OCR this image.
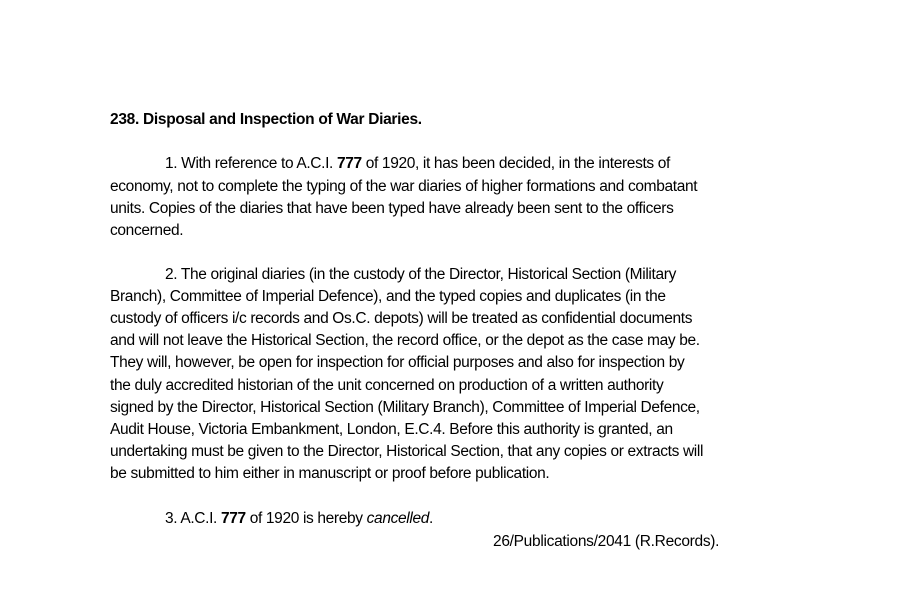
238. Disposal and Inspection of War Diaries.
1. With reference to A.C.I. 777 of 1920, it has been decided, in the interests of
economy, not to complete the typing of the war diaries of higher formations and combatant
units. Copies of the diaries that have been typed have already been sent to the officers
concerned.
2. The original diaries (in the custody of the Director, Historical Section (Military
Branch), Committee of Imperial Defence), and the typed copies and duplicates (in the
custody of officers i/c records and Os.C. depots) will be treated as confidential documents
and will not leave the Historical Section, the record office, or the depot as the case may be.
They will, however, be open for inspection for official purposes and also for inspection by
the duly accredited historian of the unit concerned on production of a written authority
signed by the Director, Historical Section (Military Branch), Committee of Imperial Defence,
Audit House, Victoria Embankment, London, E.C.4. Before this authority is granted, an
undertaking must be given to the Director, Historical Section, that any copies or extracts will
be submitted to him either in manuscript or proof before publication.
3. A.C.I. 777 of 1920 is hereby cancelled.
26/Publications/2041 (R.Records).
